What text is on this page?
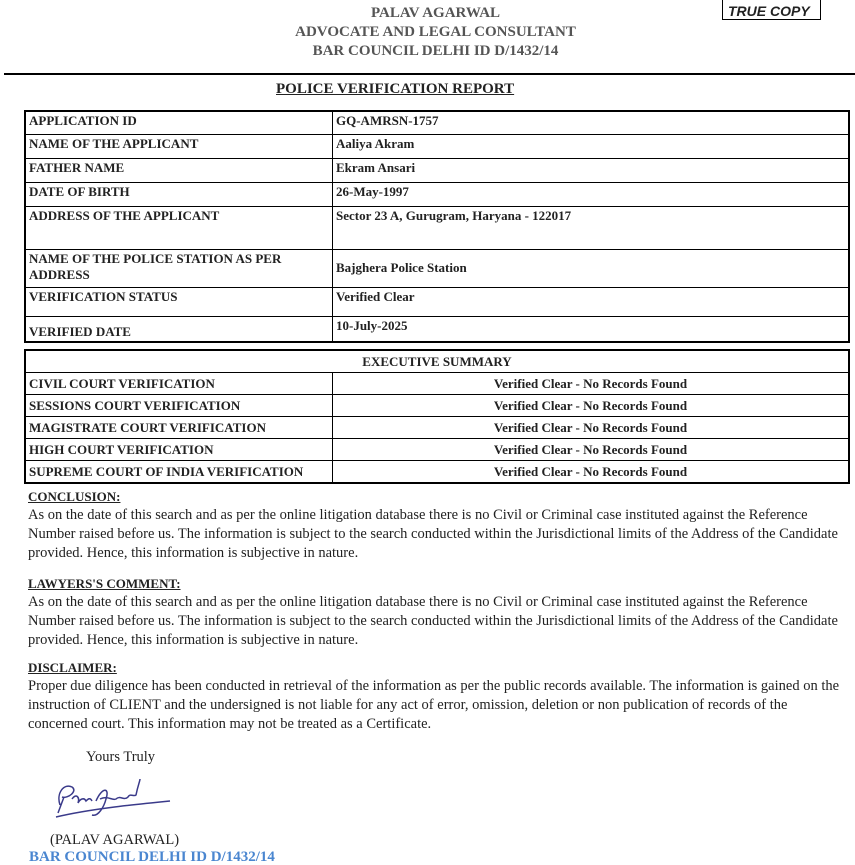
PALAV AGARWAL
ADVOCATE AND LEGAL CONSULTANT
BAR COUNCIL DELHI ID D/1432/14
TRUE COPY
POLICE VERIFICATION REPORT
APPLICATION ID	GQ-AMRSN-1757
NAME OF THE APPLICANT	Aaliya Akram
FATHER NAME	Ekram Ansari
DATE OF BIRTH	26-May-1997
ADDRESS OF THE APPLICANT	Sector 23 A, Gurugram, Haryana - 122017
NAME OF THE POLICE STATION AS PER ADDRESS	Bajghera Police Station
VERIFICATION STATUS	Verified Clear
VERIFIED DATE	10-July-2025
EXECUTIVE SUMMARY	
CIVIL COURT VERIFICATION	Verified Clear - No Records Found
SESSIONS COURT VERIFICATION	Verified Clear - No Records Found
MAGISTRATE COURT VERIFICATION	Verified Clear - No Records Found
HIGH COURT VERIFICATION	Verified Clear - No Records Found
SUPREME COURT OF INDIA VERIFICATION	Verified Clear - No Records Found
CONCLUSION:
As on the date of this search and as per the online litigation database there is no Civil or Criminal case instituted against the Reference Number raised before us. The information is subject to the search conducted within the Jurisdictional limits of the Address of the Candidate provided. Hence, this information is subjective in nature.
LAWYERS'S COMMENT:
As on the date of this search and as per the online litigation database there is no Civil or Criminal case instituted against the Reference Number raised before us. The information is subject to the search conducted within the Jurisdictional limits of the Address of the Candidate provided. Hence, this information is subjective in nature.
DISCLAIMER:
Proper due diligence has been conducted in retrieval of the information as per the public records available. The information is gained on the instruction of CLIENT and the undersigned is not liable for any act of error, omission, deletion or non publication of records of the concerned court. This information may not be treated as a Certificate.
Yours Truly
(PALAV AGARWAL)
BAR COUNCIL DELHI ID D/1432/14
